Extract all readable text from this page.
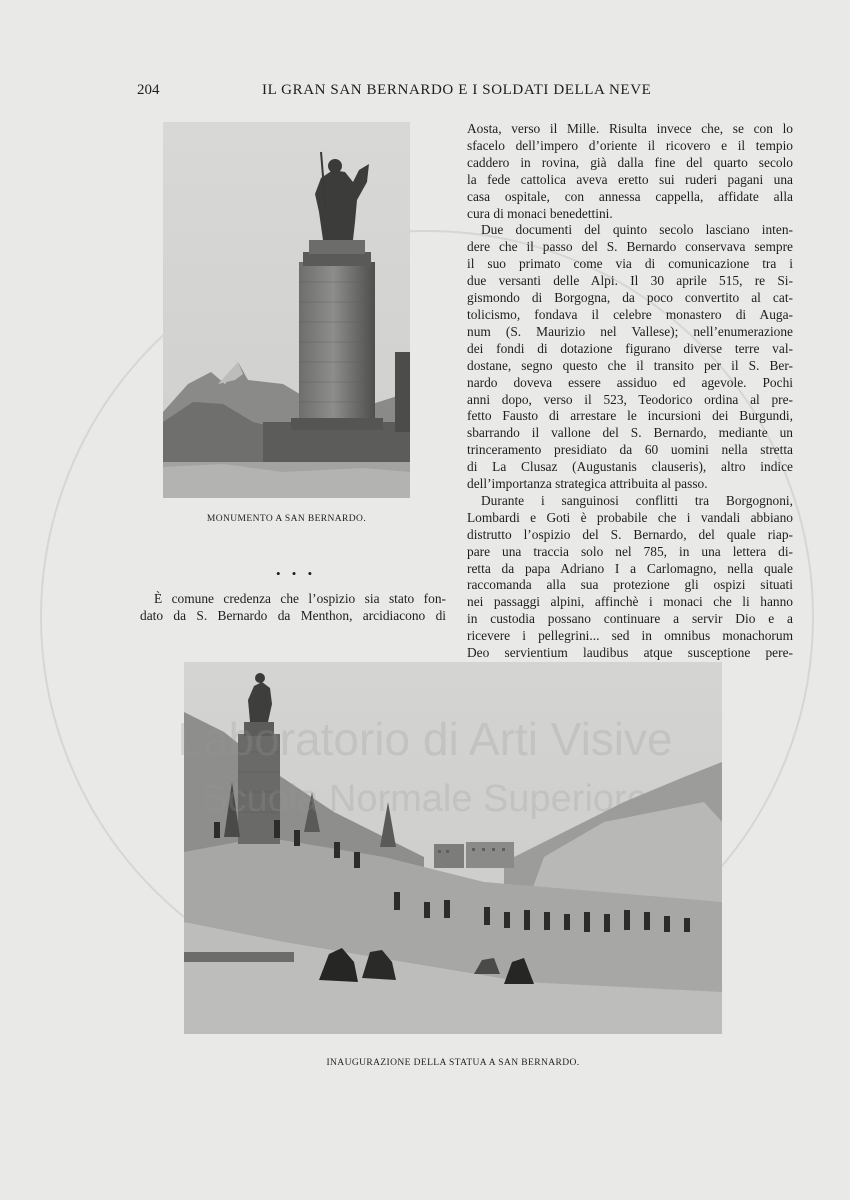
204	IL GRAN SAN BERNARDO E I SOLDATI DELLA NEVE
MONUMENTO A SAN BERNARDO.
• • •
È comune credenza che l’ospizio sia stato fon-
dato da S. Bernardo da Menthon, arcidiacono di
Aosta, verso il Mille. Risulta invece che, se con lo
sfacelo dell’impero d’oriente il ricovero e il tempio
caddero in rovina, già dalla fine del quarto secolo
la fede cattolica aveva eretto sui ruderi pagani una
casa ospitale, con annessa cappella, affidate alla
cura di monaci benedettini.
Due documenti del quinto secolo lasciano inten-
dere che il passo del S. Bernardo conservava sempre
il suo primato come via di comunicazione tra i
due versanti delle Alpi. Il 30 aprile 515, re Si-
gismondo di Borgogna, da poco convertito al cat-
tolicismo, fondava il celebre monastero di Auga-
num (S. Maurizio nel Vallese); nell’enumerazione
dei fondi di dotazione figurano diverse terre val-
dostane, segno questo che il transito per il S. Ber-
nardo doveva essere assiduo ed agevole. Pochi
anni dopo, verso il 523, Teodorico ordina al pre-
fetto Fausto di arrestare le incursioni dei Burgundi,
sbarrando il vallone del S. Bernardo, mediante un
trinceramento presidiato da 60 uomini nella stretta
di La Clusaz (Augustanis clauseris), altro indice
dell’importanza strategica attribuita al passo.
Durante i sanguinosi conflitti tra Borgognoni,
Lombardi e Goti è probabile che i vandali abbiano
distrutto l’ospizio del S. Bernardo, del quale riap-
pare una traccia solo nel 785, in una lettera di-
retta da papa Adriano I a Carlomagno, nella quale
raccomanda alla sua protezione gli ospizi situati
nei passaggi alpini, affinchè i monaci che li hanno
in custodia possano continuare a servir Dio e a
ricevere i pellegrini... sed in omnibus monachorum
Deo servientium laudibus atque susceptione pere-
INAUGURAZIONE DELLA STATUA A SAN BERNARDO.
Laboratorio di Arti Visive
Scuola Normale Superiore
